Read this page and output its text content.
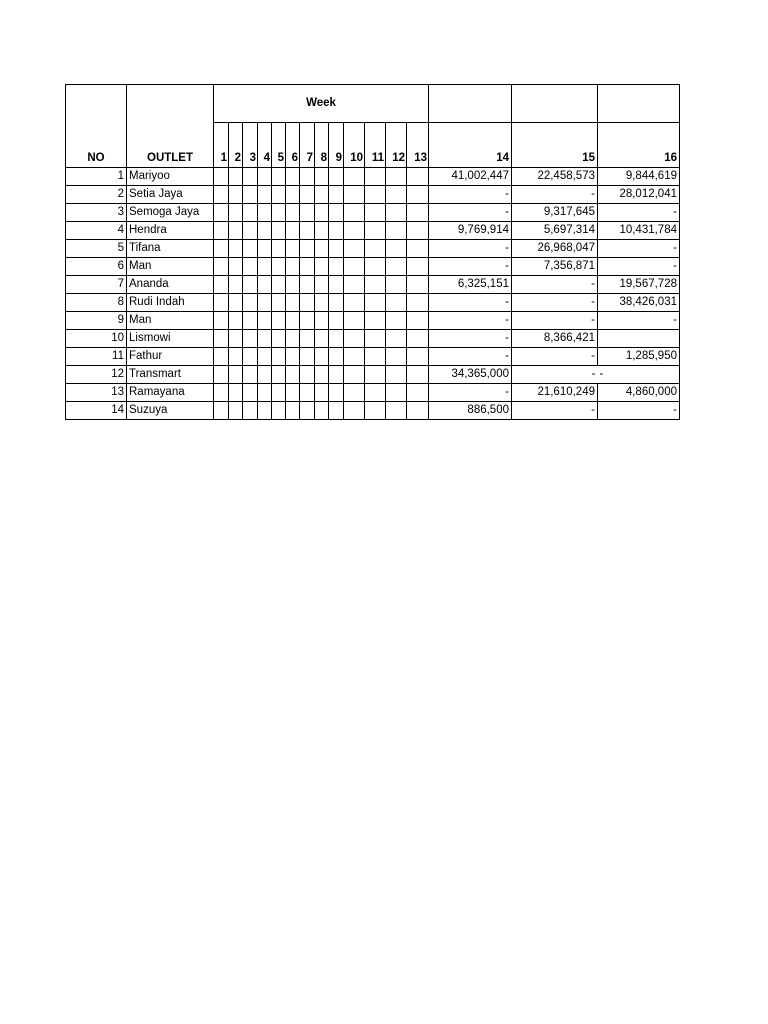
NO	OUTLET	Week															
		1	2	3	4	5	6	7	8	9	10	11	12	13	14	15	16
1	Mariyoo														41,002,447	22,458,573	9,844,619
2	Setia Jaya														-	-	28,012,041
3	Semoga Jaya														-	9,317,645	-
4	Hendra														9,769,914	5,697,314	10,431,784
5	Tifana														-	26,968,047	-
6	Man														-	7,356,871	-
7	Ananda														6,325,151	-	19,567,728
8	Rudi Indah														-	-	38,426,031
9	Man														-	-	-
10	Lismowi														-	8,366,421	
11	Fathur														-	-	1,285,950
12	Transmart														34,365,000	-	-
13	Ramayana														-	21,610,249	4,860,000
14	Suzuya														886,500	-	-
